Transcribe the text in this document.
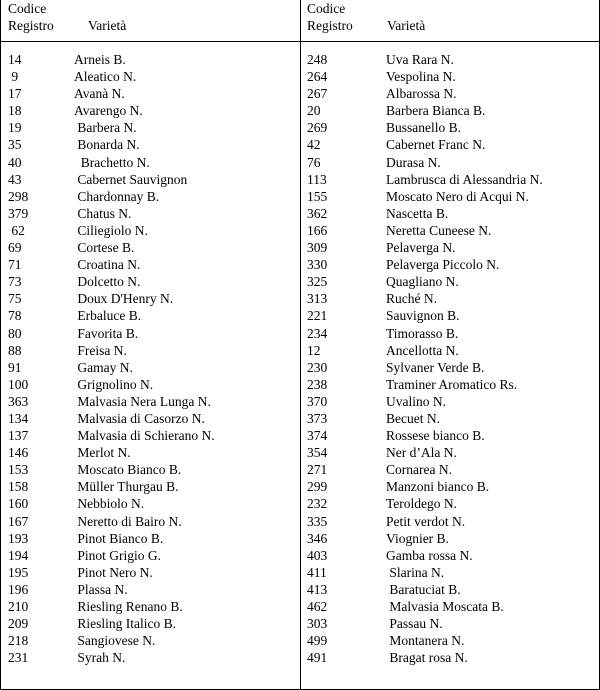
Codice
Registro	Varietà
Codice
Registro	Varietà
14	Arneis B.
9	Aleatico N.
17	Avanà N.
18	Avarengo N.
19	Barbera N.
35	Bonarda N.
40	Brachetto N.
43	Cabernet Sauvignon
298	Chardonnay B.
379	Chatus N.
62	Ciliegiolo N.
69	Cortese B.
71	Croatina N.
73	Dolcetto N.
75	Doux D'Henry N.
78	Erbaluce B.
80	Favorita B.
88	Freisa N.
91	Gamay N.
100	Grignolino N.
363	Malvasia Nera Lunga N.
134	Malvasia di Casorzo N.
137	Malvasia di Schierano N.
146	Merlot N.
153	Moscato Bianco B.
158	Müller Thurgau B.
160	Nebbiolo N.
167	Neretto di Bairo N.
193	Pinot Bianco B.
194	Pinot Grigio G.
195	Pinot Nero N.
196	Plassa N.
210	Riesling Renano B.
209	Riesling Italico B.
218	Sangiovese N.
231	Syrah N.
248	Uva Rara N.
264	Vespolina N.
267	Albarossa N.
20	Barbera Bianca B.
269	Bussanello B.
42	Cabernet Franc N.
76	Durasa N.
113	Lambrusca di Alessandria N.
155	Moscato Nero di Acqui N.
362	Nascetta B.
166	Neretta Cuneese N.
309	Pelaverga N.
330	Pelaverga Piccolo N.
325	Quagliano N.
313	Ruché N.
221	Sauvignon B.
234	Timorasso B.
12	Ancellotta N.
230	Sylvaner Verde B.
238	Traminer Aromatico Rs.
370	Uvalino N.
373	Becuet N.
374	Rossese bianco B.
354	Ner d’Ala N.
271	Cornarea N.
299	Manzoni bianco B.
232	Teroldego N.
335	Petit verdot N.
346	Viognier B.
403	Gamba rossa N.
411	Slarina N.
413	Baratuciat B.
462	Malvasia Moscata B.
303	Passau N.
499	Montanera N.
491	Bragat rosa N.
